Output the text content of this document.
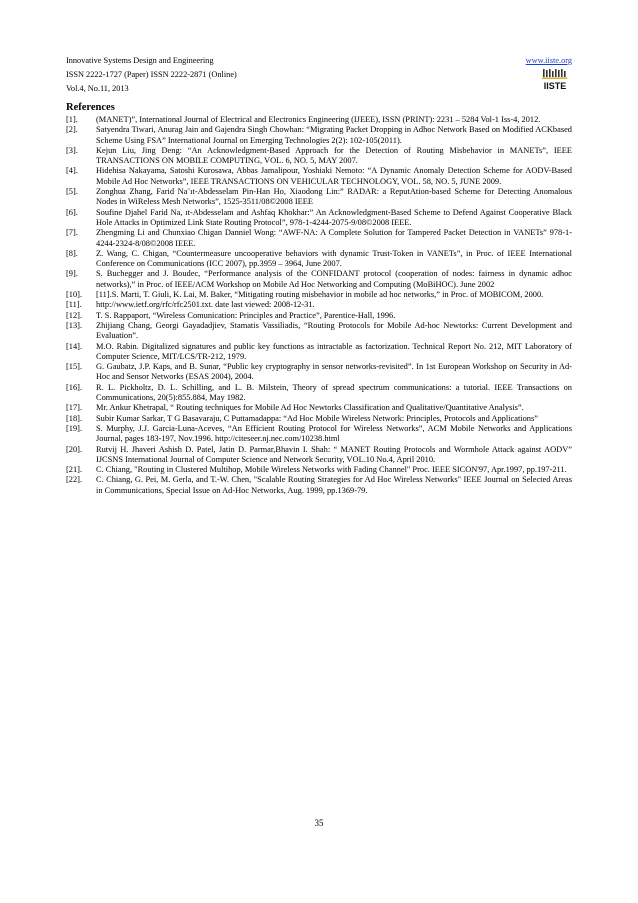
Innovative Systems Design and Engineering
ISSN 2222-1727 (Paper) ISSN 2222-2871 (Online)
Vol.4, No.11, 2013
www.iiste.org
IISTE
References
[1]. (MANET)”, International Journal of Electrical and Electronics Engineering (IJEEE), ISSN (PRINT): 2231 – 5284 Vol-1 Iss-4, 2012.
[2]. Satyendra Tiwari, Anurag Jain and Gajendra Singh Chowhan: “Migrating Packet Dropping in Adhoc Network Based on Modified ACKbased Scheme Using FSA” International Journal on Emerging Technologies 2(2): 102-105(2011).
[3]. Kejun Liu, Jing Deng: “An Acknowledgment-Based Approach for the Detection of Routing Misbehavior in MANETs”, IEEE TRANSACTIONS ON MOBILE COMPUTING, VOL. 6, NO. 5, MAY 2007.
[4]. Hidehisa Nakayama, Satoshi Kurosawa, Abbas Jamalipour, Yoshiaki Nemoto: “A Dynamic Anomaly Detection Scheme for AODV-Based Mobile Ad Hoc Networks”, IEEE TRANSACTIONS ON VEHICULAR TECHNOLOGY, VOL. 58, NO. 5, JUNE 2009.
[5]. Zonghua Zhang, Farid Na¨ıt-Abdesselam Pin-Han Ho, Xiaodong Lin:” RADAR: a ReputAtion-based Scheme for Detecting Anomalous Nodes in WiReless Mesh Networks”, 1525-3511/08©2008 IEEE
[6]. Soufine Djahel Farid Na, ıt-Abdesselam and Ashfaq Khokhar:” An Acknowledgment-Based Scheme to Defend Against Cooperative Black Hole Attacks in Optimized Link State Routing Protocol”, 978-1-4244-2075-9/08©2008 IEEE.
[7]. Zhengming Li and Chunxiao Chigan Danniel Wong: “AWF-NA: A Complete Solution for Tampered Packet Detection in VANETs” 978-1-4244-2324-8/08©2008 IEEE.
[8]. Z. Wang, C. Chigan, “Countermeasure uncooperative behaviors with dynamic Trust-Token in VANETs”, in Proc. of IEEE International Conference on Communications (ICC 2007), pp.3959 – 3964, June 2007.
[9]. S. Buchegger and J. Boudec, “Performance analysis of the CONFIDANT protocol (cooperation of nodes: fairness in dynamic adhoc networks),” in Proc. of IEEE/ACM Workshop on Mobile Ad Hoc Networking and Computing (MoBiHOC). June 2002
[10]. [11].S. Marti, T. Giuli, K. Lai, M. Baker, “Mitigating routing misbehavior in mobile ad hoc networks,” in Proc. of MOBICOM, 2000.
[11]. http://www.ietf.org/rfc/rfc2501.txt. date last viewed: 2008-12-31.
[12]. T. S. Rappaport, “Wireless Comunication: Principles and Practice”, Parentice-Hall, 1996.
[13]. Zhijiang Chang, Georgi Gayadadjiev, Stamatis Vassiliadis, “Routing Protocols for Mobile Ad-hoc Newtorks: Current Development and Evaluation”.
[14]. M.O. Rabin. Digitalized signatures and public key functions as intractable as factorization. Technical Report No. 212, MIT Laboratory of Computer Science, MIT/LCS/TR-212, 1979.
[15]. G. Gaubatz, J.P. Kaps, and B. Sunar, “Public key cryptography in sensor networks-revisited”. In 1st European Workshop on Security in Ad-Hoc and Sensor Networks (ESAS 2004), 2004.
[16]. R. L. Pickholtz, D. L. Schilling, and L. B. Milstein, Theory of spread spectrum communications: a tutorial. IEEE Transactions on Communications, 20(5):855.884, May 1982.
[17]. Mr. Ankur Khetrapal, “ Routing techniques for Mobile Ad Hoc Newtorks Classification and Qualitative/Quantitative Analysis”.
[18]. Subir Kumar Sarkar, T G Basavaraju, C Puttamadappa: “Ad Hoc Mobile Wireless Network: Principles, Protocols and Applications”
[19]. S. Murphy, J.J. Garcia-Luna-Aceves, “An Efficient Routing Protocol for Wireless Networks”, ACM Mobile Networks and Applications Journal, pages 183-197, Nov.1996. http://citeseer.nj.nec.com/10238.html
[20]. Rutvij H. Jhaveri Ashish D. Patel, Jatin D. Parmar,Bhavin I. Shah: “ MANET Routing Protocols and Wormhole Attack against AODV” IJCSNS International Journal of Computer Science and Network Security, VOL.10 No.4, April 2010.
[21]. C. Chiang, "Routing in Clustered Multihop, Mobile Wireless Networks with Fading Channel" Proc. IEEE SICON'97, Apr.1997, pp.197-211.
[22]. C. Chiang, G. Pei, M. Gerla, and T.-W. Chen, "Scalable Routing Strategies for Ad Hoc Wireless Networks" IEEE Journal on Selected Areas in Communications, Special Issue on Ad-Hoc Networks, Aug. 1999, pp.1369-79.
35
